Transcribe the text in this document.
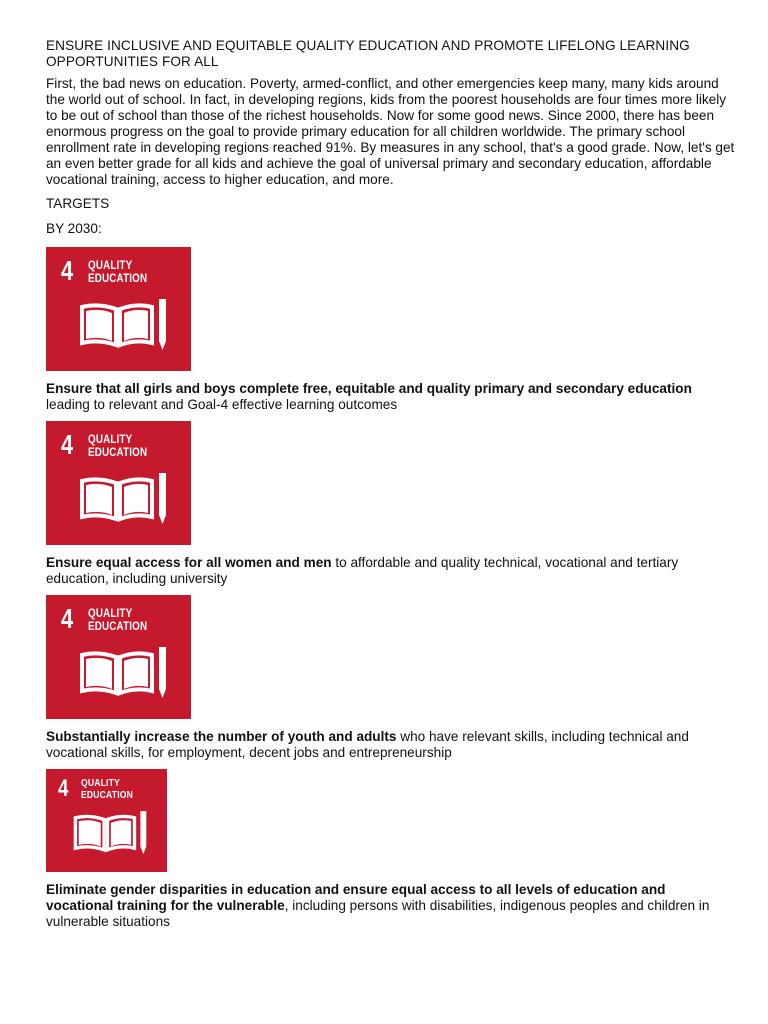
ENSURE INCLUSIVE AND EQUITABLE QUALITY EDUCATION AND PROMOTE LIFELONG LEARNING OPPORTUNITIES FOR ALL

First, the bad news on education. Poverty, armed-conflict, and other emergencies keep many, many kids around the world out of school. In fact, in developing regions, kids from the poorest households are four times more likely to be out of school than those of the richest households. Now for some good news. Since 2000, there has been enormous progress on the goal to provide primary education for all children worldwide. The primary school enrollment rate in developing regions reached 91%. By measures in any school, that's a good grade. Now, let's get an even better grade for all kids and achieve the goal of universal primary and secondary education, affordable vocational training, access to higher education, and more.

TARGETS

BY 2030:

4 QUALITY
EDUCATION

Ensure that all girls and boys complete free, equitable and quality primary and secondary education leading to relevant and Goal-4 effective learning outcomes

4 QUALITY
EDUCATION

Ensure equal access for all women and men to affordable and quality technical, vocational and tertiary education, including university

4 QUALITY
EDUCATION

Substantially increase the number of youth and adults who have relevant skills, including technical and vocational skills, for employment, decent jobs and entrepreneurship

4 QUALITY
EDUCATION

Eliminate gender disparities in education and ensure equal access to all levels of education and vocational training for the vulnerable, including persons with disabilities, indigenous peoples and children in vulnerable situations
